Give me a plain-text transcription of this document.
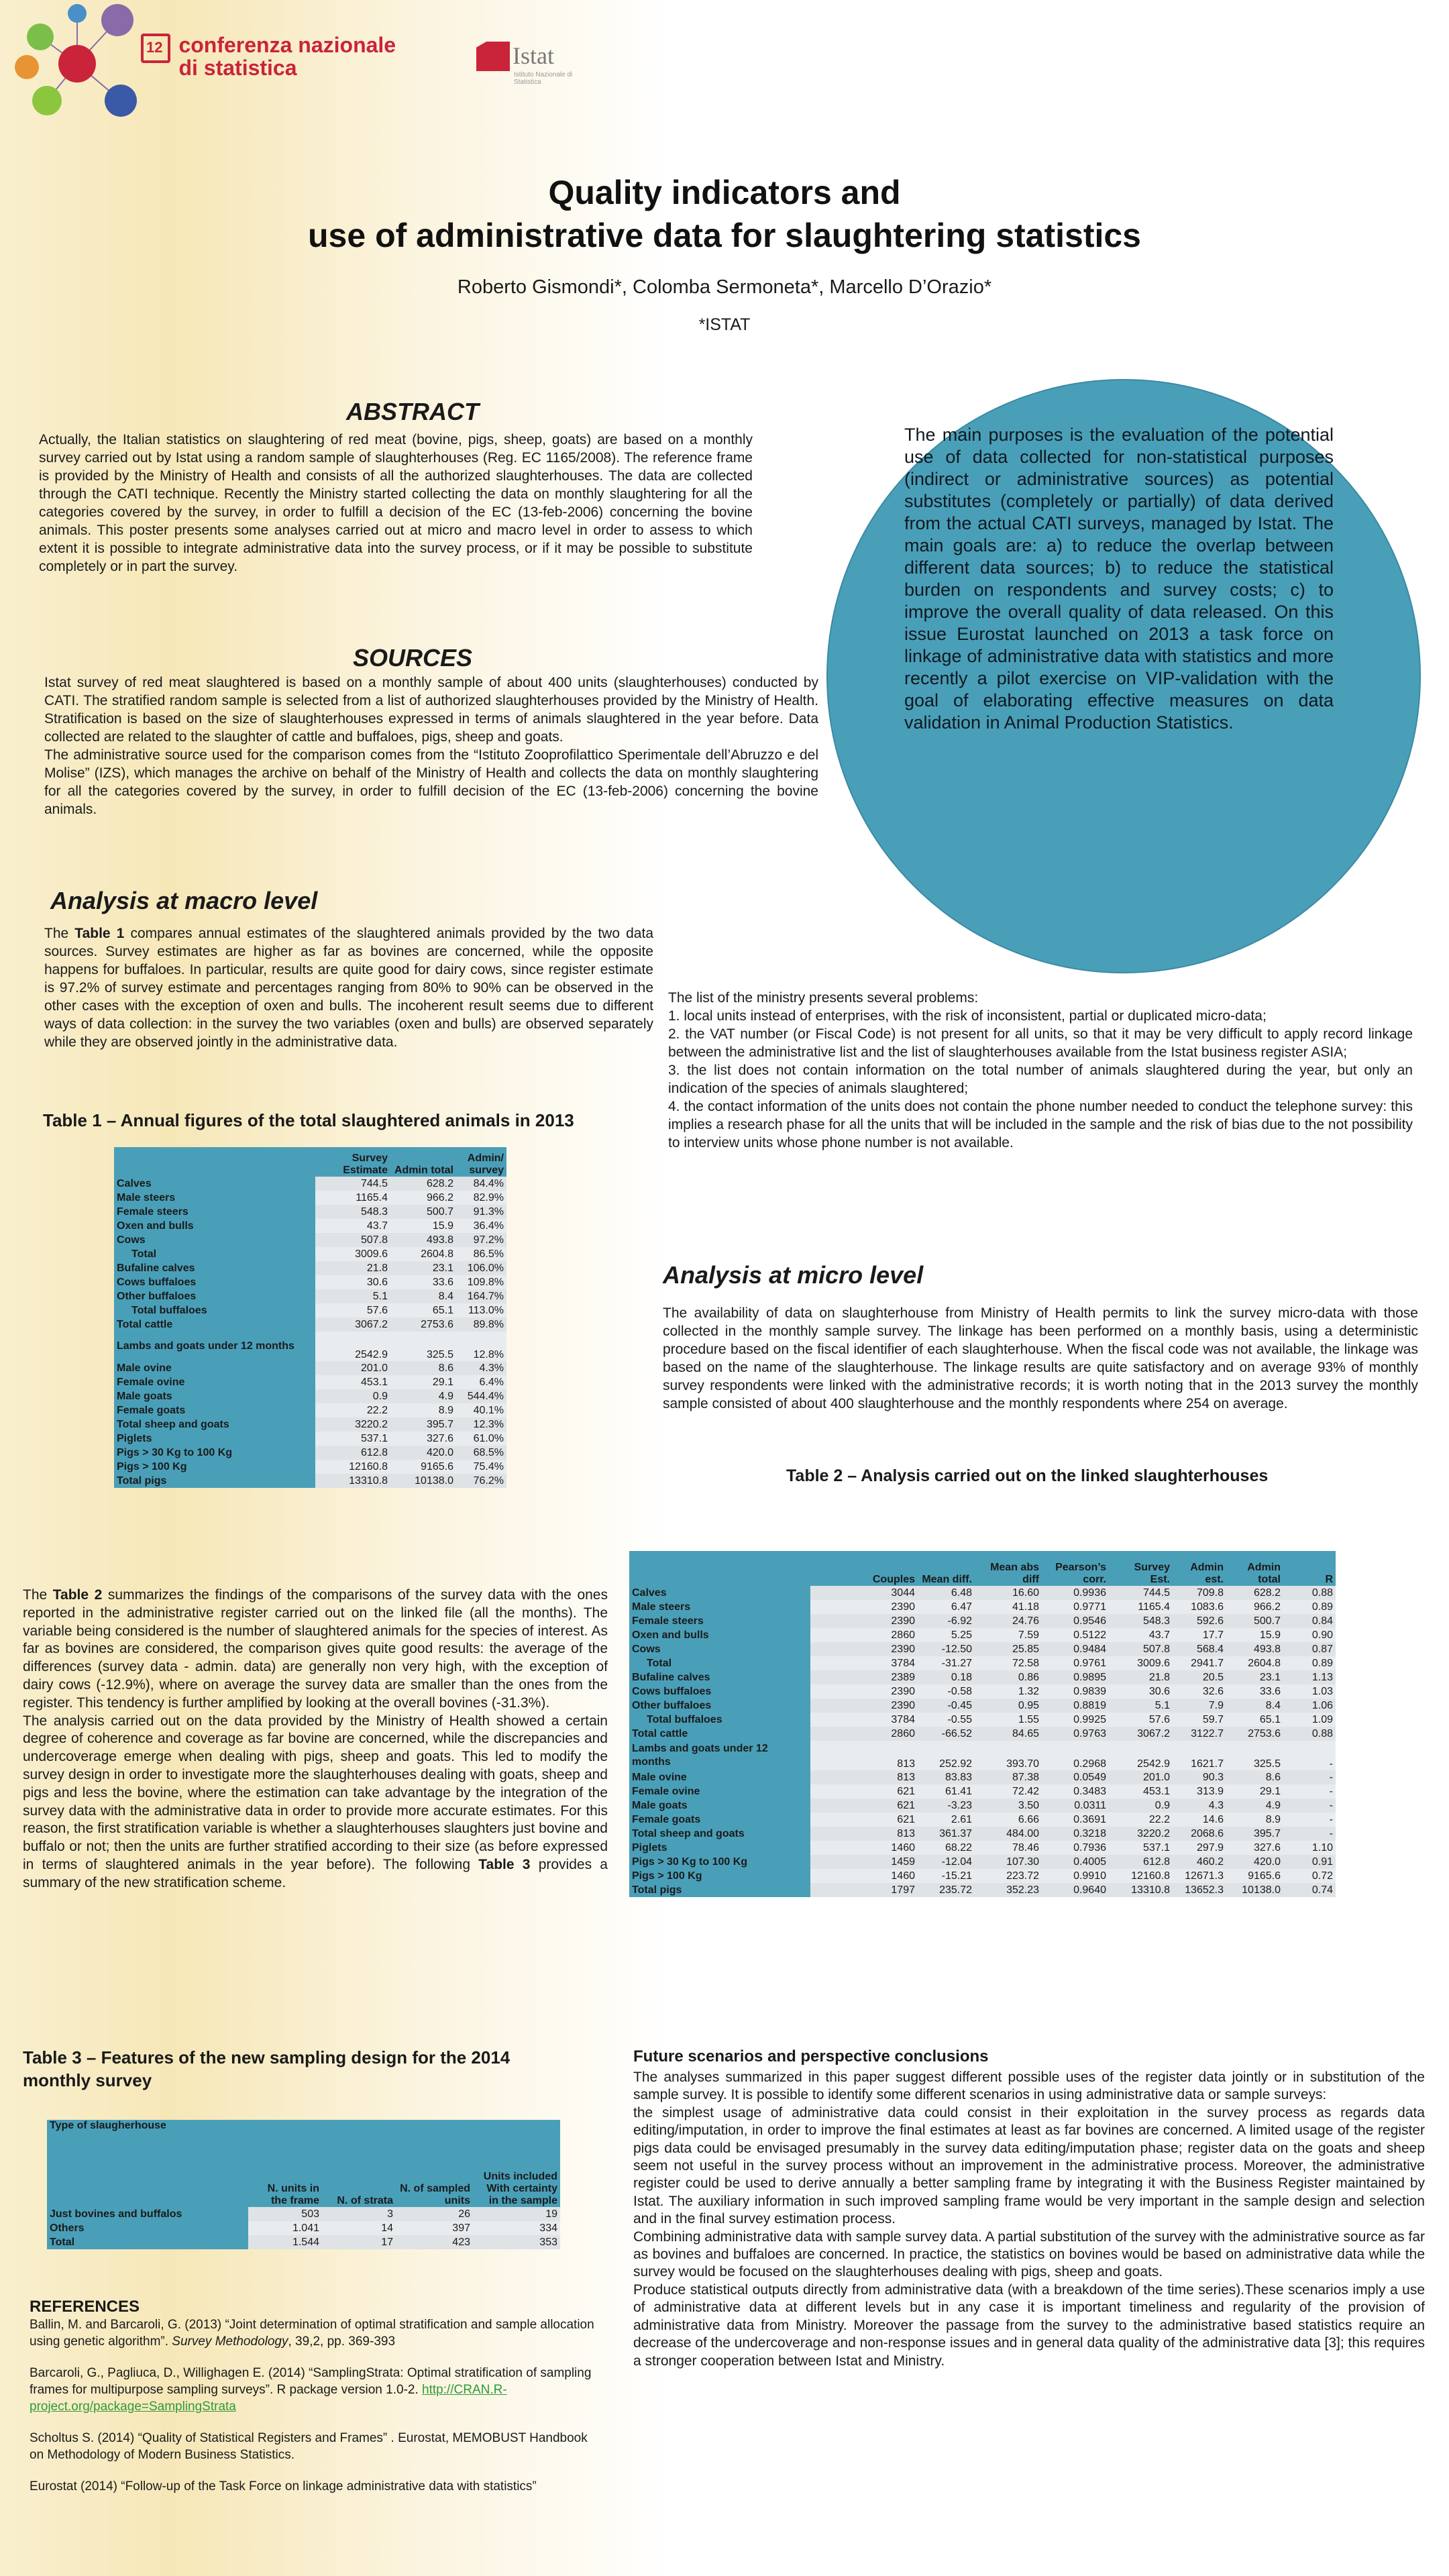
12
conferenza nazionale
di statistica	Istat
Istituto Nazionale di Statistica
Quality indicators and
use of administrative data for slaughtering statistics
Roberto Gismondi*, Colomba Sermoneta*, Marcello D’Orazio*
*ISTAT
ABSTRACT

Actually, the Italian statistics on slaughtering of red meat (bovine, pigs, sheep, goats) are based on a monthly survey carried out by Istat using a random sample of slaughterhouses (Reg. EC 1165/2008). The reference frame is provided by the Ministry of Health and consists of all the authorized slaughterhouses. The data are collected through the CATI technique. Recently the Ministry started collecting the data on monthly slaughtering for all the categories covered by the survey, in order to fulfill a decision of the EC (13-feb-2006) concerning the bovine animals. This poster presents some analyses carried out at micro and macro level in order to assess to which extent it is possible to integrate administrative data into the survey process, or if it may be possible to substitute completely or in part the survey.

SOURCES

Istat survey of red meat slaughtered is based on a monthly sample of about 400 units (slaughterhouses) conducted by CATI. The stratified random sample is selected from a list of authorized slaughterhouses provided by the Ministry of Health. Stratification is based on the size of slaughterhouses expressed in terms of animals slaughtered in the year before. Data collected are related to the slaughter of cattle and buffaloes, pigs, sheep and goats.

The administrative source used for the comparison comes from the “Istituto Zooprofilattico Sperimentale dell’Abruzzo e del Molise” (IZS), which manages the archive on behalf of the Ministry of Health and collects the data on monthly slaughtering for all the categories covered by the survey, in order to fulfill decision of the EC (13-feb-2006) concerning the bovine animals.

The main purposes is the evaluation of the potential use of data collected for non-statistical purposes (indirect or administrative sources) as potential substitutes (completely or partially) of data derived from the actual CATI surveys, managed by Istat. The main goals are: a) to reduce the overlap between different data sources; b) to reduce the statistical burden on respondents and survey costs; c) to improve the overall quality of data released. On this issue Eurostat launched on 2013 a task force on linkage of administrative data with statistics and more recently a pilot exercise on VIP-validation with the goal of elaborating effective measures on data validation in Animal Production Statistics.

Analysis at macro level

The Table 1 compares annual estimates of the slaughtered animals provided by the two data sources. Survey estimates are higher as far as bovines are concerned, while the opposite happens for buffaloes. In particular, results are quite good for dairy cows, since register estimate is 97.2% of survey estimate and percentages ranging from 80% to 90% can be observed in the other cases with the exception of oxen and bulls. The incoherent result seems due to different ways of data collection: in the survey the two variables (oxen and bulls) are observed separately while they are observed jointly in the administrative data.

Table 1 – Annual figures of the total slaughtered animals in 2013
	Survey Estimate	Admin total	Admin/ survey
Calves	744.5	628.2	84.4%
Male steers	1165.4	966.2	82.9%
Female steers	548.3	500.7	91.3%
Oxen and bulls	43.7	15.9	36.4%
Cows	507.8	493.8	97.2%
Total	3009.6	2604.8	86.5%
Bufaline calves	21.8	23.1	106.0%
Cows buffaloes	30.6	33.6	109.8%
Other buffaloes	5.1	8.4	164.7%
Total buffaloes	57.6	65.1	113.0%
Total cattle	3067.2	2753.6	89.8%
Lambs and goats under 12 months	2542.9	325.5	12.8%
Male ovine	201.0	8.6	4.3%
Female ovine	453.1	29.1	6.4%
Male goats	0.9	4.9	544.4%
Female goats	22.2	8.9	40.1%
Total sheep and goats	3220.2	395.7	12.3%
Piglets	537.1	327.6	61.0%
Pigs > 30 Kg to 100 Kg	612.8	420.0	68.5%
Pigs > 100 Kg	12160.8	9165.6	75.4%
Total pigs	13310.8	10138.0	76.2%

The list of the ministry presents several problems:

1. local units instead of enterprises, with the risk of inconsistent, partial or duplicated micro-data;

2. the VAT number (or Fiscal Code) is not present for all units, so that it may be very difficult to apply record linkage between the administrative list and the list of slaughterhouses available from the Istat business register ASIA;

3. the list does not contain information on the total number of animals slaughtered during the year, but only an indication of the species of animals slaughtered;

4. the contact information of the units does not contain the phone number needed to conduct the telephone survey: this implies a research phase for all the units that will be included in the sample and the risk of bias due to the not possibility to interview units whose phone number is not available.

Analysis at micro level

The availability of data on slaughterhouse from Ministry of Health permits to link the survey micro-data with those collected in the monthly sample survey. The linkage has been performed on a monthly basis, using a deterministic procedure based on the fiscal identifier of each slaughterhouse. When the fiscal code was not available, the linkage was based on the name of the slaughterhouse. The linkage results are quite satisfactory and on average 93% of monthly survey respondents were linked with the administrative records; it is worth noting that in the 2013 survey the monthly sample consisted of about 400 slaughterhouse and the monthly respondents where 254 on average.

Table 2 – Analysis carried out on the linked slaughterhouses
	Couples	Mean diff.	Mean abs diff	Pearson’s corr.	Survey Est.	Admin est.	Admin total	R
Calves	3044	6.48	16.60	0.9936	744.5	709.8	628.2	0.88
Male steers	2390	6.47	41.18	0.9771	1165.4	1083.6	966.2	0.89
Female steers	2390	-6.92	24.76	0.9546	548.3	592.6	500.7	0.84
Oxen and bulls	2860	5.25	7.59	0.5122	43.7	17.7	15.9	0.90
Cows	2390	-12.50	25.85	0.9484	507.8	568.4	493.8	0.87
Total	3784	-31.27	72.58	0.9761	3009.6	2941.7	2604.8	0.89
Bufaline calves	2389	0.18	0.86	0.9895	21.8	20.5	23.1	1.13
Cows buffaloes	2390	-0.58	1.32	0.9839	30.6	32.6	33.6	1.03
Other buffaloes	2390	-0.45	0.95	0.8819	5.1	7.9	8.4	1.06
Total buffaloes	3784	-0.55	1.55	0.9925	57.6	59.7	65.1	1.09
Total cattle	2860	-66.52	84.65	0.9763	3067.2	3122.7	2753.6	0.88
Lambs and goats under 12 months	813	252.92	393.70	0.2968	2542.9	1621.7	325.5	-
Male ovine	813	83.83	87.38	0.0549	201.0	90.3	8.6	-
Female ovine	621	61.41	72.42	0.3483	453.1	313.9	29.1	-
Male goats	621	-3.23	3.50	0.0311	0.9	4.3	4.9	-
Female goats	621	2.61	6.66	0.3691	22.2	14.6	8.9	-
Total sheep and goats	813	361.37	484.00	0.3218	3220.2	2068.6	395.7	-
Piglets	1460	68.22	78.46	0.7936	537.1	297.9	327.6	1.10
Pigs > 30 Kg to 100 Kg	1459	-12.04	107.30	0.4005	612.8	460.2	420.0	0.91
Pigs > 100 Kg	1460	-15.21	223.72	0.9910	12160.8	12671.3	9165.6	0.72
Total pigs	1797	235.72	352.23	0.9640	13310.8	13652.3	10138.0	0.74

The Table 2 summarizes the findings of the comparisons of the survey data with the ones reported in the administrative register carried out on the linked file (all the months). The variable being considered is the number of slaughtered animals for the species of interest. As far as bovines are considered, the comparison gives quite good results: the average of the differences (survey data - admin. data) are generally non very high, with the exception of dairy cows (-12.9%), where on average the survey data are smaller than the ones from the register. This tendency is further amplified by looking at the overall bovines (-31.3%).

The analysis carried out on the data provided by the Ministry of Health showed a certain degree of coherence and coverage as far bovine are concerned, while the discrepancies and undercoverage emerge when dealing with pigs, sheep and goats. This led to modify the survey design in order to investigate more the slaughterhouses dealing with goats, sheep and pigs and less the bovine, where the estimation can take advantage by the integration of the survey data with the administrative data in order to provide more accurate estimates. For this reason, the first stratification variable is whether a slaughterhouses slaughters just bovine and buffalo or not; then the units are further stratified according to their size (as before expressed in terms of slaughtered animals in the year before). The following Table 3 provides a summary of the new stratification scheme.

Table 3 – Features of the new sampling design for the 2014
monthly survey
Type of slaugherhouse	N. units in the frame	N. of strata	N. of sampled units	Units included With certainty in the sample
Just bovines and buffalos	503	3	26	19
Others	1.041	14	397	334
Total	1.544	17	423	353
REFERENCES

Ballin, M. and Barcaroli, G. (2013) “Joint determination of optimal stratification and sample allocation using genetic algorithm”. Survey Methodology, 39,2, pp. 369-393

Barcaroli, G., Pagliuca, D., Willighagen E. (2014) “SamplingStrata: Optimal stratification of sampling frames for multipurpose sampling surveys”. R package version 1.0-2. http://CRAN.R-project.org/package=SamplingStrata

Scholtus S. (2014) “Quality of Statistical Registers and Frames” . Eurostat, MEMOBUST Handbook on Methodology of Modern Business Statistics.

Eurostat (2014) “Follow-up of the Task Force on linkage administrative data with statistics”

Future scenarios and perspective conclusions

The analyses summarized in this paper suggest different possible uses of the register data jointly or in substitution of the sample survey. It is possible to identify some different scenarios in using administrative data or sample surveys:

the simplest usage of administrative data could consist in their exploitation in the survey process as regards data editing/imputation, in order to improve the final estimates at least as far bovines are concerned. A limited usage of the register pigs data could be envisaged presumably in the survey data editing/imputation phase; register data on the goats and sheep seem not useful in the survey process without an improvement in the administrative process. Moreover, the administrative register could be used to derive annually a better sampling frame by integrating it with the Business Register maintained by Istat. The auxiliary information in such improved sampling frame would be very important in the sample design and selection and in the final survey estimation process.

Combining administrative data with sample survey data. A partial substitution of the survey with the administrative source as far as bovines and buffaloes are concerned. In practice, the statistics on bovines would be based on administrative data while the survey would be focused on the slaughterhouses dealing with pigs, sheep and goats.

Produce statistical outputs directly from administrative data (with a breakdown of the time series).These scenarios imply a use of administrative data at different levels but in any case it is important timeliness and regularity of the provision of administrative data from Ministry. Moreover the passage from the survey to the administrative based statistics require an decrease of the undercoverage and non-response issues and in general data quality of the administrative data [3]; this requires a stronger cooperation between Istat and Ministry.
